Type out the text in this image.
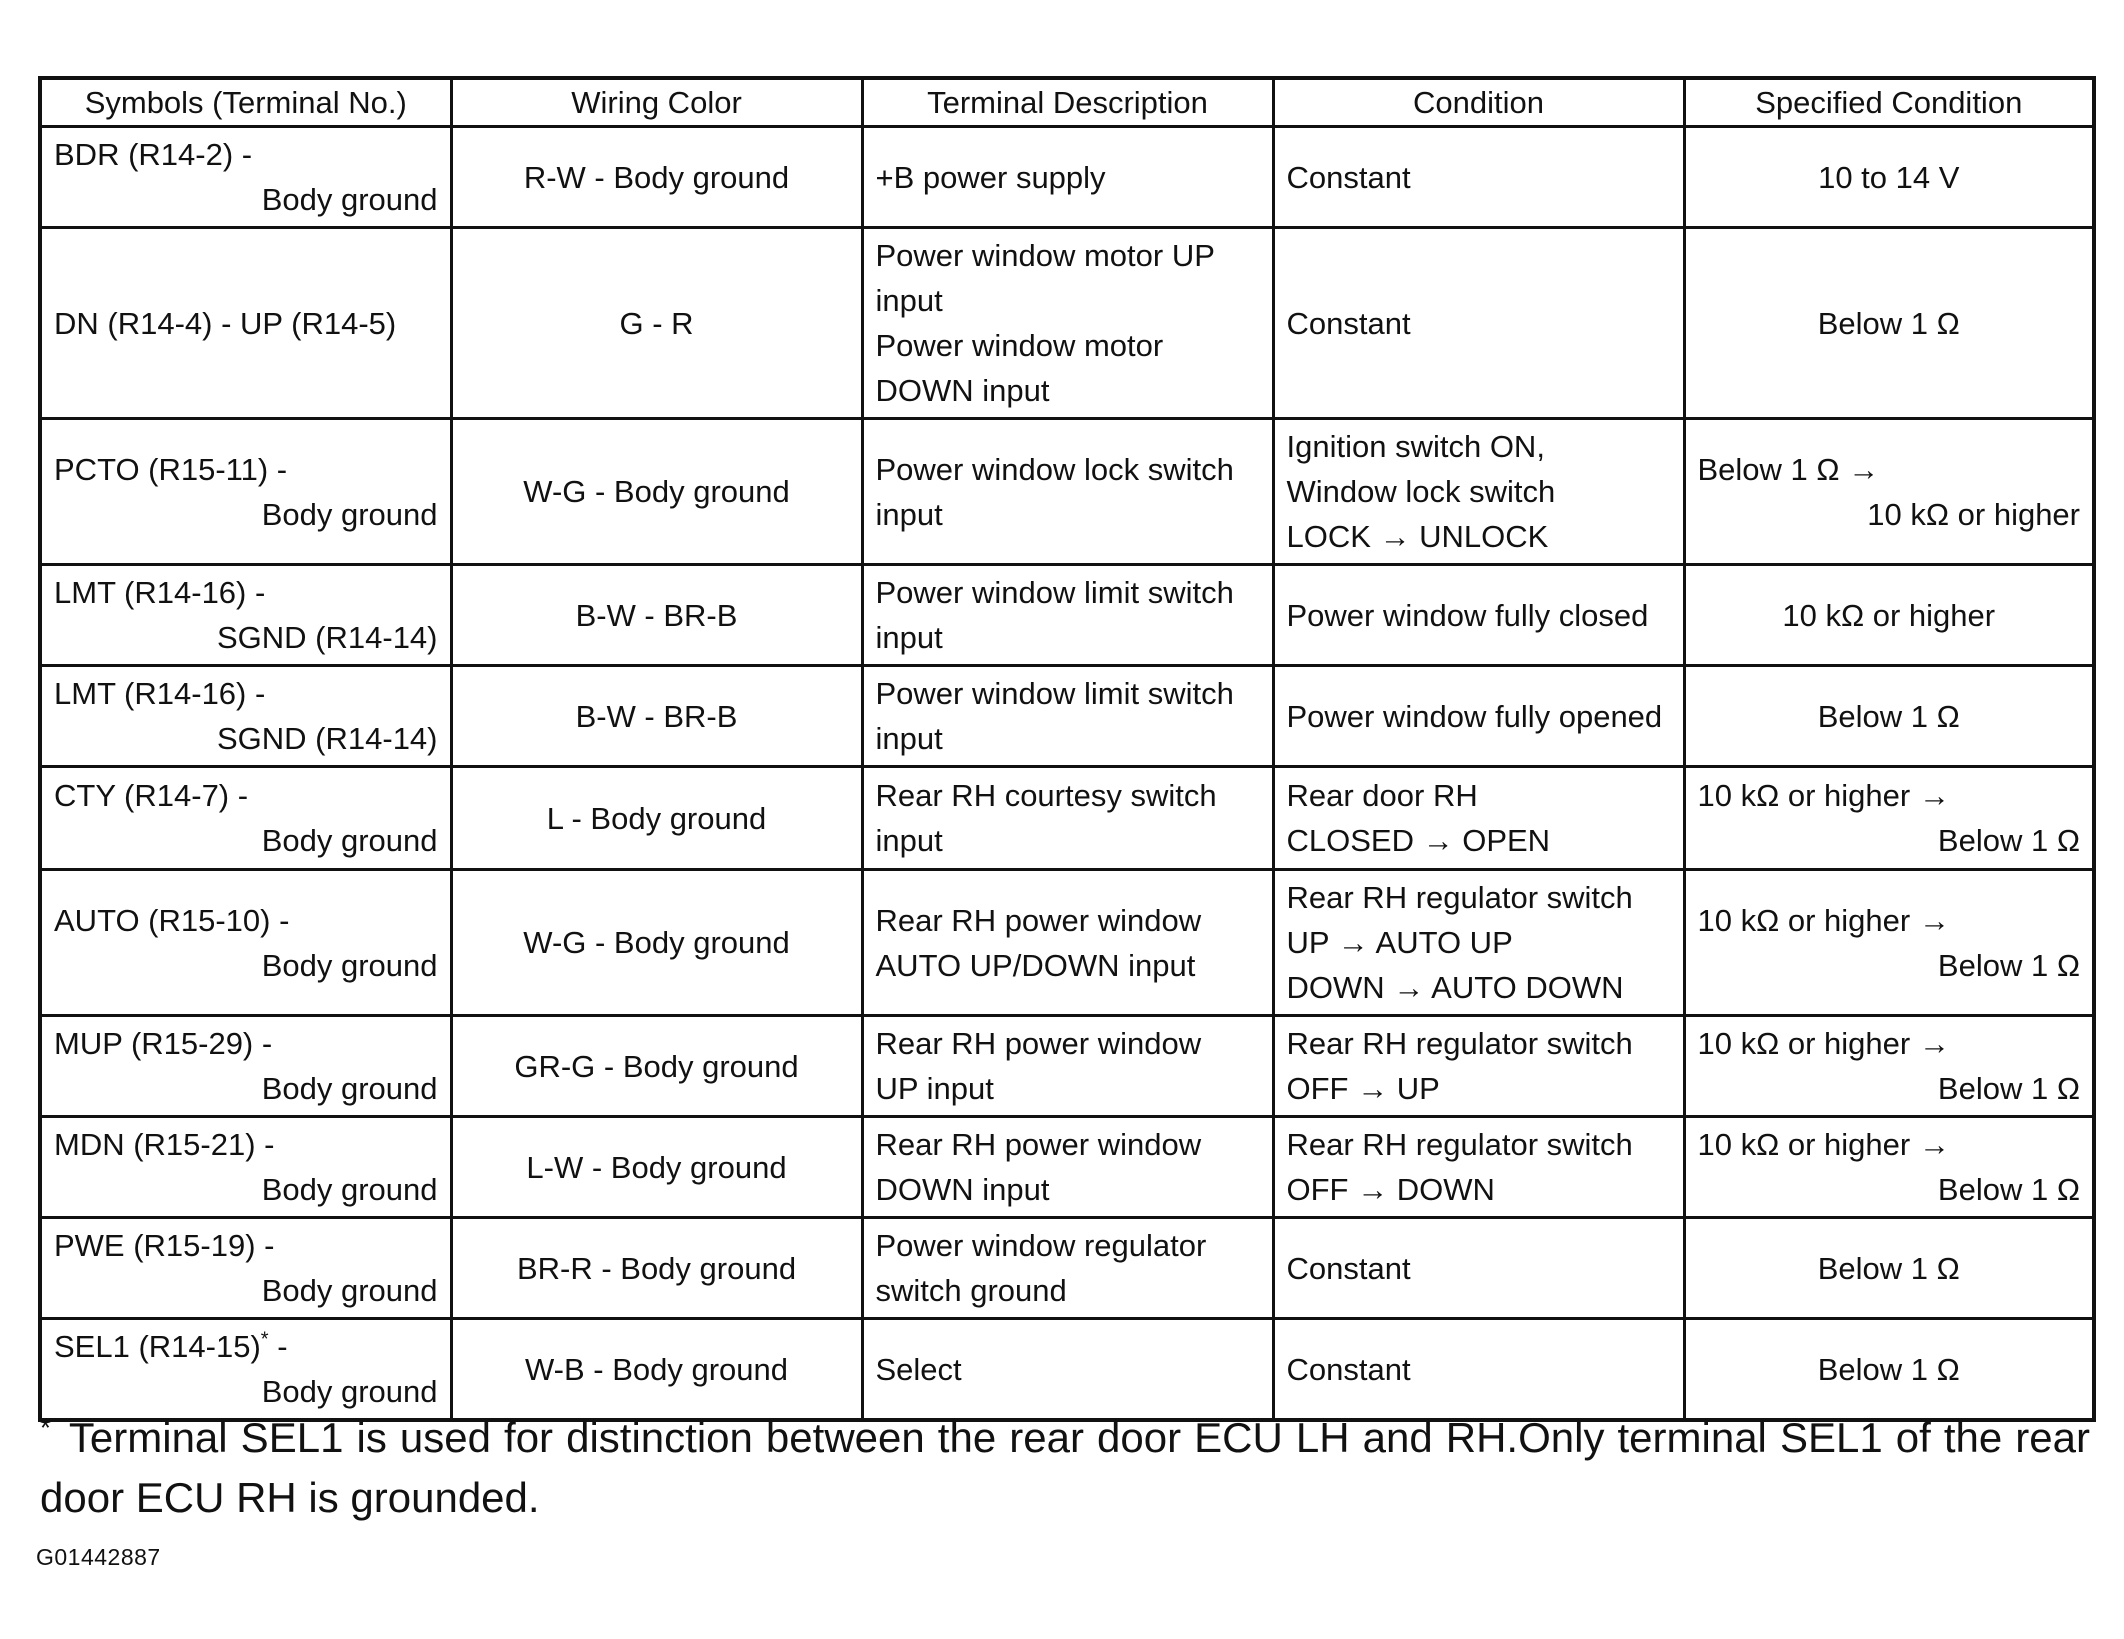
Symbols (Terminal No.)	Wiring Color	Terminal Description	Condition	Specified Condition

BDR (R14-2) -
Body ground	R-W - Body ground	+B power supply	Constant	10 to 14 V

DN (R14-4) - UP (R14-5)	G - R	Power window motor UP
input
Power window motor
DOWN input	Constant	Below 1 Ω

PCTO (R15-11) -
Body ground	W-G - Body ground	Power window lock switch
input	Ignition switch ON,
Window lock switch
LOCK → UNLOCK	Below 1 Ω →
10 kΩ or higher

LMT (R14-16) -
SGND (R14-14)	B-W - BR-B	Power window limit switch
input	Power window fully closed	10 kΩ or higher

LMT (R14-16) -
SGND (R14-14)	B-W - BR-B	Power window limit switch
input	Power window fully opened	Below 1 Ω

CTY (R14-7) -
Body ground	L - Body ground	Rear RH courtesy switch
input	Rear door RH
CLOSED → OPEN	10 kΩ or higher →
Below 1 Ω

AUTO (R15-10) -
Body ground	W-G - Body ground	Rear RH power window
AUTO UP/DOWN input	Rear RH regulator switch
UP → AUTO UP
DOWN → AUTO DOWN	10 kΩ or higher →
Below 1 Ω

MUP (R15-29) -
Body ground	GR-G - Body ground	Rear RH power window
UP input	Rear RH regulator switch
OFF → UP	10 kΩ or higher →
Below 1 Ω

MDN (R15-21) -
Body ground	L-W - Body ground	Rear RH power window
DOWN input	Rear RH regulator switch
OFF → DOWN	10 kΩ or higher →
Below 1 Ω

PWE (R15-19) -
Body ground	BR-R - Body ground	Power window regulator
switch ground	Constant	Below 1 Ω

SEL1 (R14-15)* -
Body ground	W-B - Body ground	Select	Constant	Below 1 Ω
* Terminal SEL1 is used for distinction between the rear door ECU LH and RH.Only terminal SEL1 of the rear door ECU RH is grounded.
G01442887
